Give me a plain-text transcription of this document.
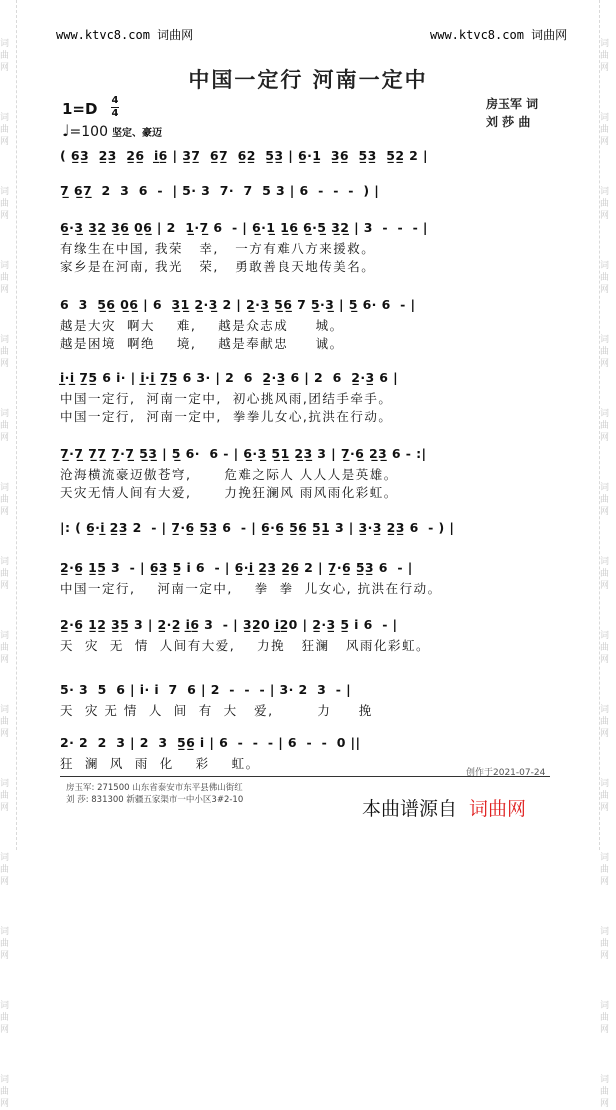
词曲网
词曲网
词曲网
词曲网
词曲网
词曲网
词曲网
词曲网
词曲网
词曲网
词曲网
词曲网
词曲网
词曲网
词曲网
词曲网
词曲网
词曲网
词曲网
词曲网
词曲网
词曲网
词曲网
词曲网
词曲网
词曲网
词曲网
词曲网
词曲网
词曲网
www.ktvc8.com 词曲网	www.ktvc8.com 词曲网
中国一定行 河南一定中
房玉军 词
刘 莎 曲
1=D 4
4
♩=100 坚定、豪迈
( 6̲3̲  2̲3̲  2̲6̲  i̲6̲ | 3̲7̲  6̲7̲  6̲2̲  5̲3̲ | 6̲·1̲  3̲6̲  5̲3̲  5̲2̲ 2 |
7̲ 6̲7̲  2  3  6  -  | 5· 3  7·  7  5 3 | 6  -  -  -  ) |
6̲·3̲ 3̲2̲ 3̲6̲ 0̲6̲ | 2  1̲·7̲ 6  - | 6̲·1̲ 1̲6̲ 6̲·5̲ 3̲2̲ | 3  -  -  - |
有缘生在中国, 我荣   幸,   一方有难八方来援救。
家乡是在河南, 我光   荣,   勇敢善良天地传美名。
6  3  5̲6̲ 0̲6̲ | 6  3̲1̲ 2̲·3̲ 2 | 2̲·3̲ 5̲6̲ 7 5̲·3̲ | 5̲ 6· 6  - |
越是大灾  啊大    难,    越是众志成     城。
越是困境  啊绝    境,    越是奉献忠     诚。
i̲·i̲ 7̲5̲ 6 i· | i̲·i̲ 7̲5̲ 6 3· | 2  6  2̲·3̲ 6 | 2  6  2̲·3̲ 6 |
中国一定行,  河南一定中,  初心挑风雨,团结手牵手。
中国一定行,  河南一定中,  拳拳儿女心,抗洪在行动。
7̲·7̲ 7̲7̲ 7̲·7̲ 5̲3̲ | 5̲ 6·  6 - | 6̲·3̲ 5̲1̲ 2̲3̲ 3 | 7̲·6̲ 2̲3̲ 6 - :|
沧海横流豪迈傲苍穹,      危难之际人 人人人是英雄。
天灾无情人间有大爱,      力挽狂澜风 雨风雨化彩虹。
|: ( 6̲·i̲ 2̲3̲ 2  - | 7̲·6̲ 5̲3̲ 6  - | 6̲·6̲ 5̲6̲ 5̲1̲ 3 | 3̲·3̲ 2̲3̲ 6  - ) |
2̲·6̲ 1̲5̲ 3  - | 6̲3̲ 5̲ i 6  - | 6̲·i̲ 2̲3̲ 2̲6̲ 2 | 7̲·6̲ 5̲3̲ 6  - |
中国一定行,    河南一定中,    拳  拳  儿女心, 抗洪在行动。
2̲·6̲ 1̲2̲ 3̲5̲ 3 | 2̲·2̲ i̲6̲ 3  - | 3̲2̲0 i̲2̲0 | 2̲·3̲ 5̲ i 6  - |
天  灾  无  情  人间有大爱,    力挽   狂澜   风雨化彩虹。
5· 3  5  6 | i· i  7  6 | 2  -  -  - | 3· 2  3  - |
天  灾 无 情  人  间  有  大   爱,        力     挽
2· 2  2  3 | 2  3  5̲6̲ i | 6  -  -  - | 6  -  -  0 ||
狂  澜  风  雨  化    彩    虹。
创作于2021-07-24
房玉军: 271500 山东省泰安市东平县佛山街红
刘 莎: 831300 新疆五家渠市一中小区3#2-10	本曲谱源自 词曲网
